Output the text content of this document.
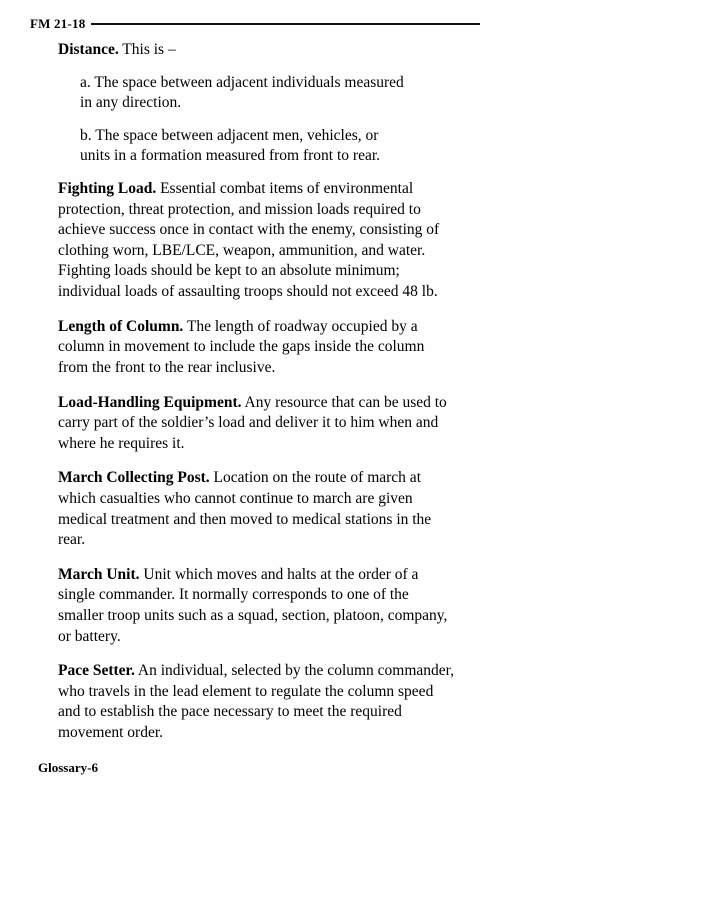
FM 21-18

Distance. This is –

a. The space between adjacent individuals measured in any direction.

b. The space between adjacent men, vehicles, or units in a formation measured from front to rear.

Fighting Load. Essential combat items of environmental protection, threat protection, and mission loads required to achieve success once in contact with the enemy, consisting of clothing worn, LBE/LCE, weapon, ammunition, and water. Fighting loads should be kept to an absolute minimum; individual loads of assaulting troops should not exceed 48 lb.

Length of Column. The length of roadway occupied by a column in movement to include the gaps inside the column from the front to the rear inclusive.

Load-Handling Equipment. Any resource that can be used to carry part of the soldier’s load and deliver it to him when and where he requires it.

March Collecting Post. Location on the route of march at which casualties who cannot continue to march are given medical treatment and then moved to medical stations in the rear.

March Unit. Unit which moves and halts at the order of a single commander. It normally corresponds to one of the smaller troop units such as a squad, section, platoon, company, or battery.

Pace Setter. An individual, selected by the column commander, who travels in the lead element to regulate the column speed and to establish the pace necessary to meet the required movement order.

Glossary-6
